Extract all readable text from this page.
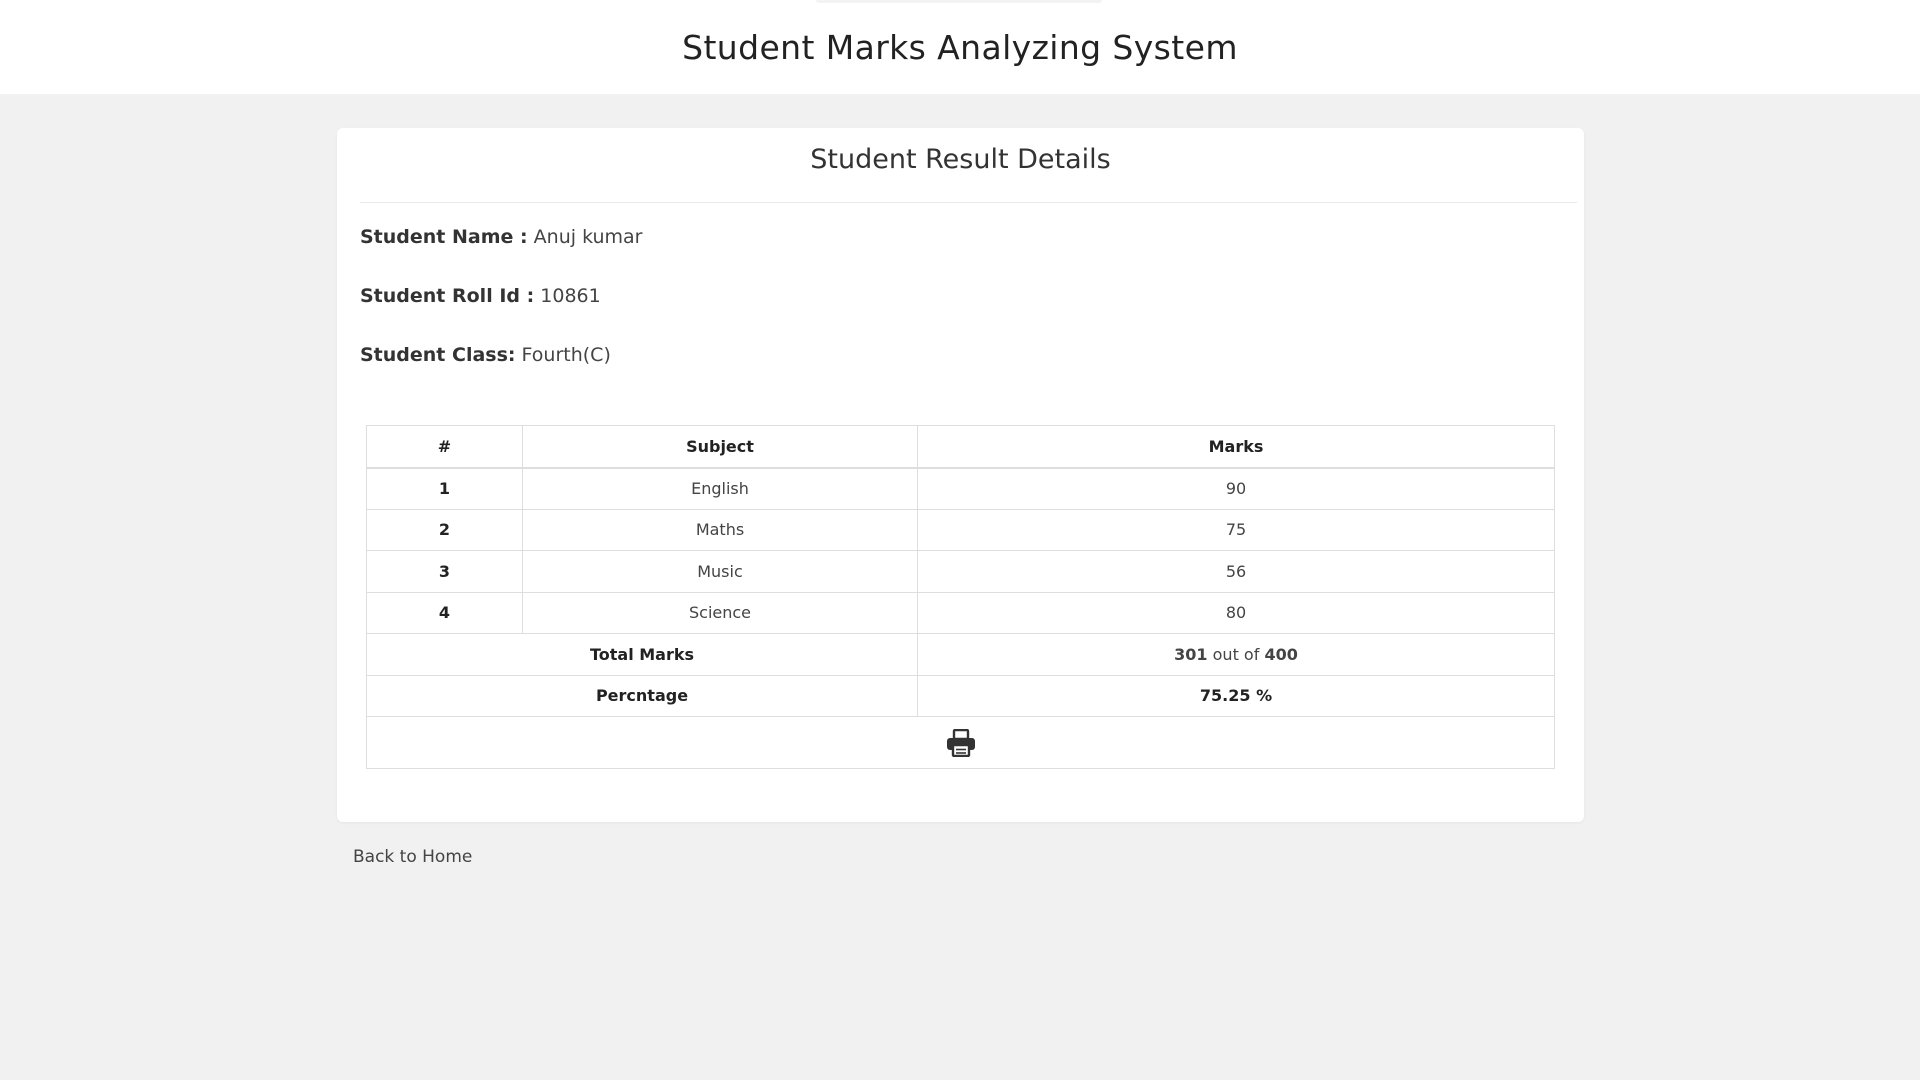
Student Marks Analyzing System
Student Result Details
Student Name : Anuj kumar
Student Roll Id : 10861
Student Class: Fourth(C)
#	Subject	Marks
1	English	90
2	Maths	75
3	Music	56
4	Science	80
Total Marks		301 out of 400
Percntage		75.25 %

Back to Home
